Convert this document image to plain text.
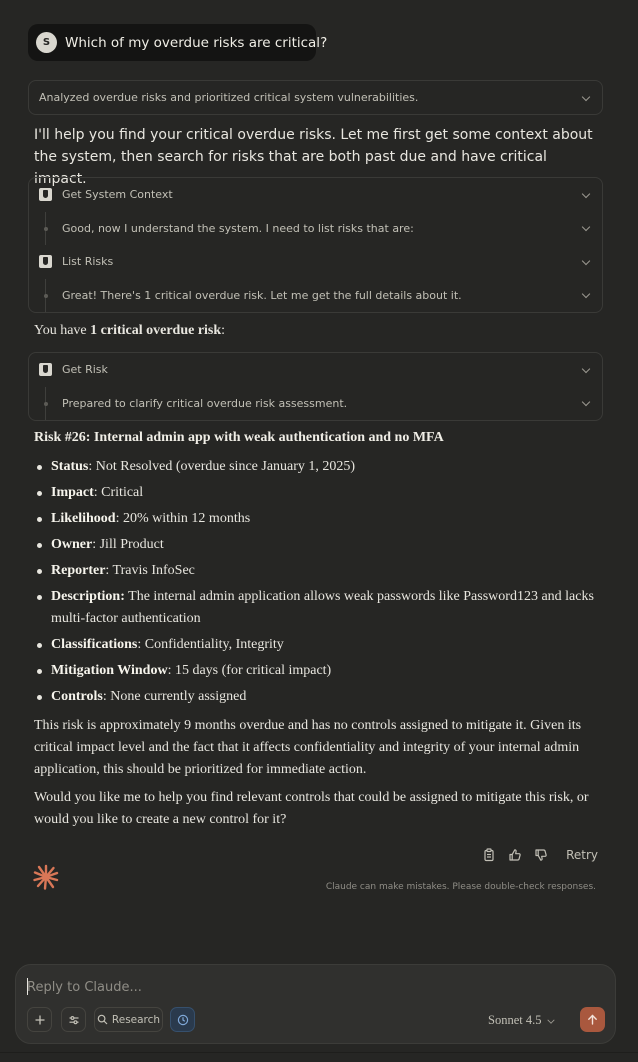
S	Which of my overdue risks are critical?
Analyzed overdue risks and prioritized critical system vulnerabilities.

I'll help you find your critical overdue risks. Let me first get some context about the system, then search for risks that are both past due and have critical impact.

Get System Context
Good, now I understand the system. I need to list risks that are:
List Risks
Great! There's 1 critical overdue risk. Let me get the full details about it.

You have 1 critical overdue risk:

Get Risk
Prepared to clarify critical overdue risk assessment.
Risk #26: Internal admin app with weak authentication and no MFA
Status: Not Resolved (overdue since January 1, 2025)
Impact: Critical
Likelihood: 20% within 12 months
Owner: Jill Product
Reporter: Travis InfoSec
Description: The internal admin application allows weak passwords like Password123 and lacks multi-factor authentication
Classifications: Confidentiality, Integrity
Mitigation Window: 15 days (for critical impact)
Controls: None currently assigned

This risk is approximately 9 months overdue and has no controls assigned to mitigate it. Given its critical impact level and the fact that it affects confidentiality and integrity of your internal admin application, this should be prioritized for immediate action.

Would you like me to help you find relevant controls that could be assigned to mitigate this risk, or would you like to create a new control for it?

Retry
Claude can make mistakes. Please double-check responses.
Reply to Claude...
Research	Sonnet 4.5
